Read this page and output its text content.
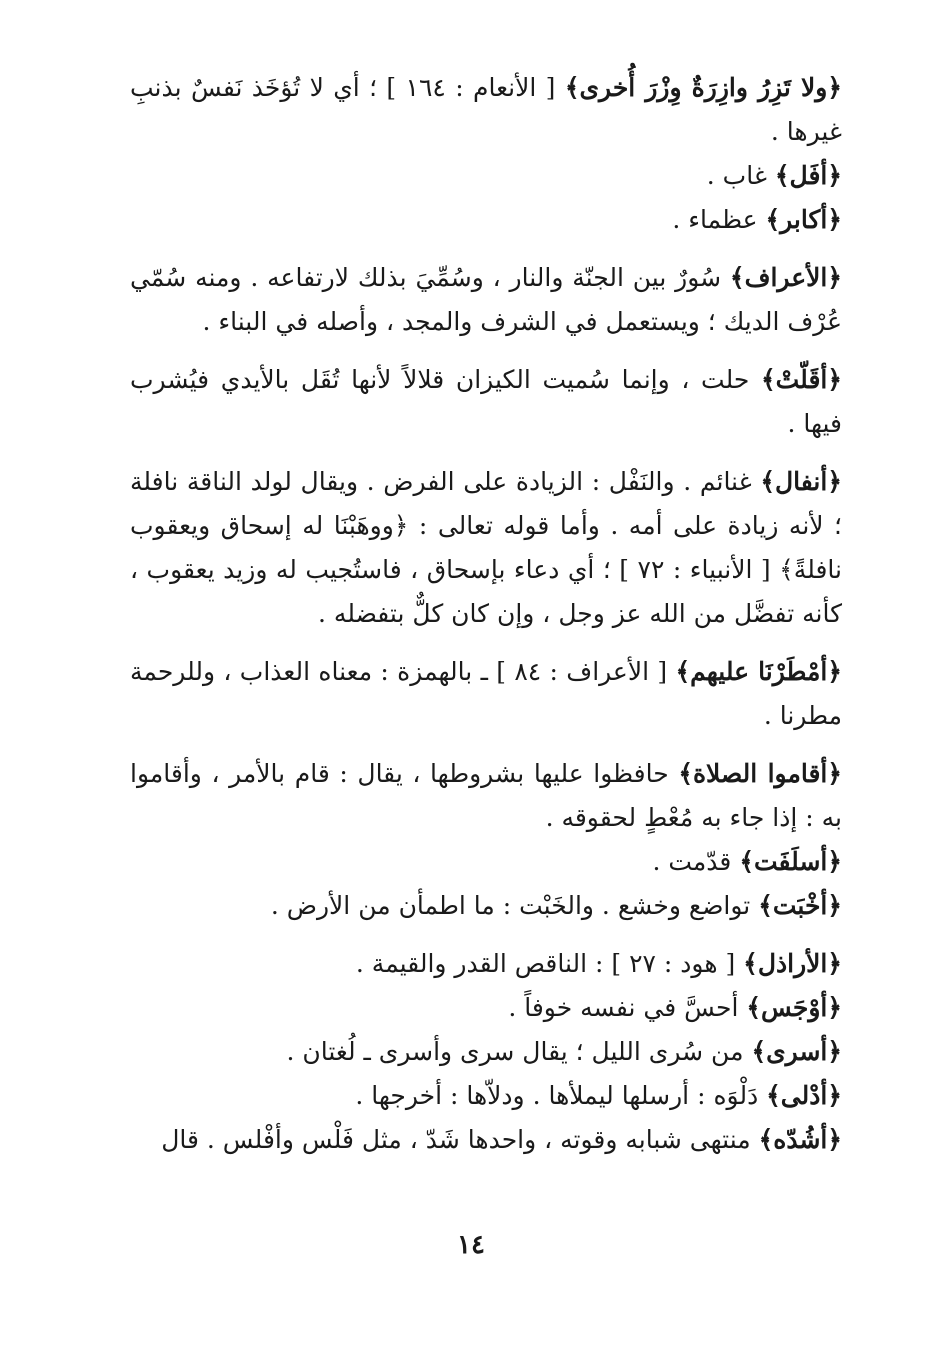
﴿ولا تَزِرُ وازِرَةٌ وِزْرَ أُخرى﴾ [ الأنعام : ١٦٤ ] ؛ أي لا تُؤخَذ نَفسٌ بذنبِ غيرها .

﴿أفَل﴾ غاب .

﴿أكابر﴾ عظماء .

﴿الأعراف﴾ سُورٌ بين الجنّة والنار ، وسُمِّيَ بذلك لارتفاعه . ومنه سُمّي عُرْف الديك ؛ ويستعمل في الشرف والمجد ، وأصله في البناء .

﴿أقَلّتْ﴾ حلت ، وإنما سُميت الكيزان قلالاً لأنها تُقَل بالأيدي فيُشرب فيها .

﴿أنفال﴾ غنائم . والنَفْل : الزيادة على الفرض . ويقال لولد الناقة نافلة ؛ لأنه زيادة على أمه . وأما قوله تعالى : ﴿ووهَبْنَا له إسحاق ويعقوب نافلةً﴾ [ الأنبياء : ٧٢ ] ؛ أي دعاء بإسحاق ، فاستُجيب له وزيد يعقوب ، كأنه تفضَّل من الله عز وجل ، وإن كان كلٌّ بتفضله .

﴿أمْطَرْنَا عليهم﴾ [ الأعراف : ٨٤ ] ـ بالهمزة : معناه العذاب ، وللرحمة مطرنا .

﴿أقاموا الصلاة﴾ حافظوا عليها بشروطها ، يقال : قام بالأمر ، وأقاموا به : إذا جاء به مُعْطٍ لحقوقه .

﴿أسلَفَت﴾ قدّمت .

﴿أخْبَت﴾ تواضع وخشع . والخَبْت : ما اطمأن من الأرض .

﴿الأراذل﴾ [ هود : ٢٧ ] : الناقص القدر والقيمة .

﴿أوْجَس﴾ أحسَّ في نفسه خوفاً .

﴿أسرى﴾ من سُرى الليل ؛ يقال سرى وأسرى ـ لُغتان .

﴿أدْلى﴾ دَلْوَه : أرسلها ليملأها . ودلاّها : أخرجها .

﴿أشُدّه﴾ منتهى شبابه وقوته ، واحدها شَدّ ، مثل فَلْس وأفْلس . قال

١٤
